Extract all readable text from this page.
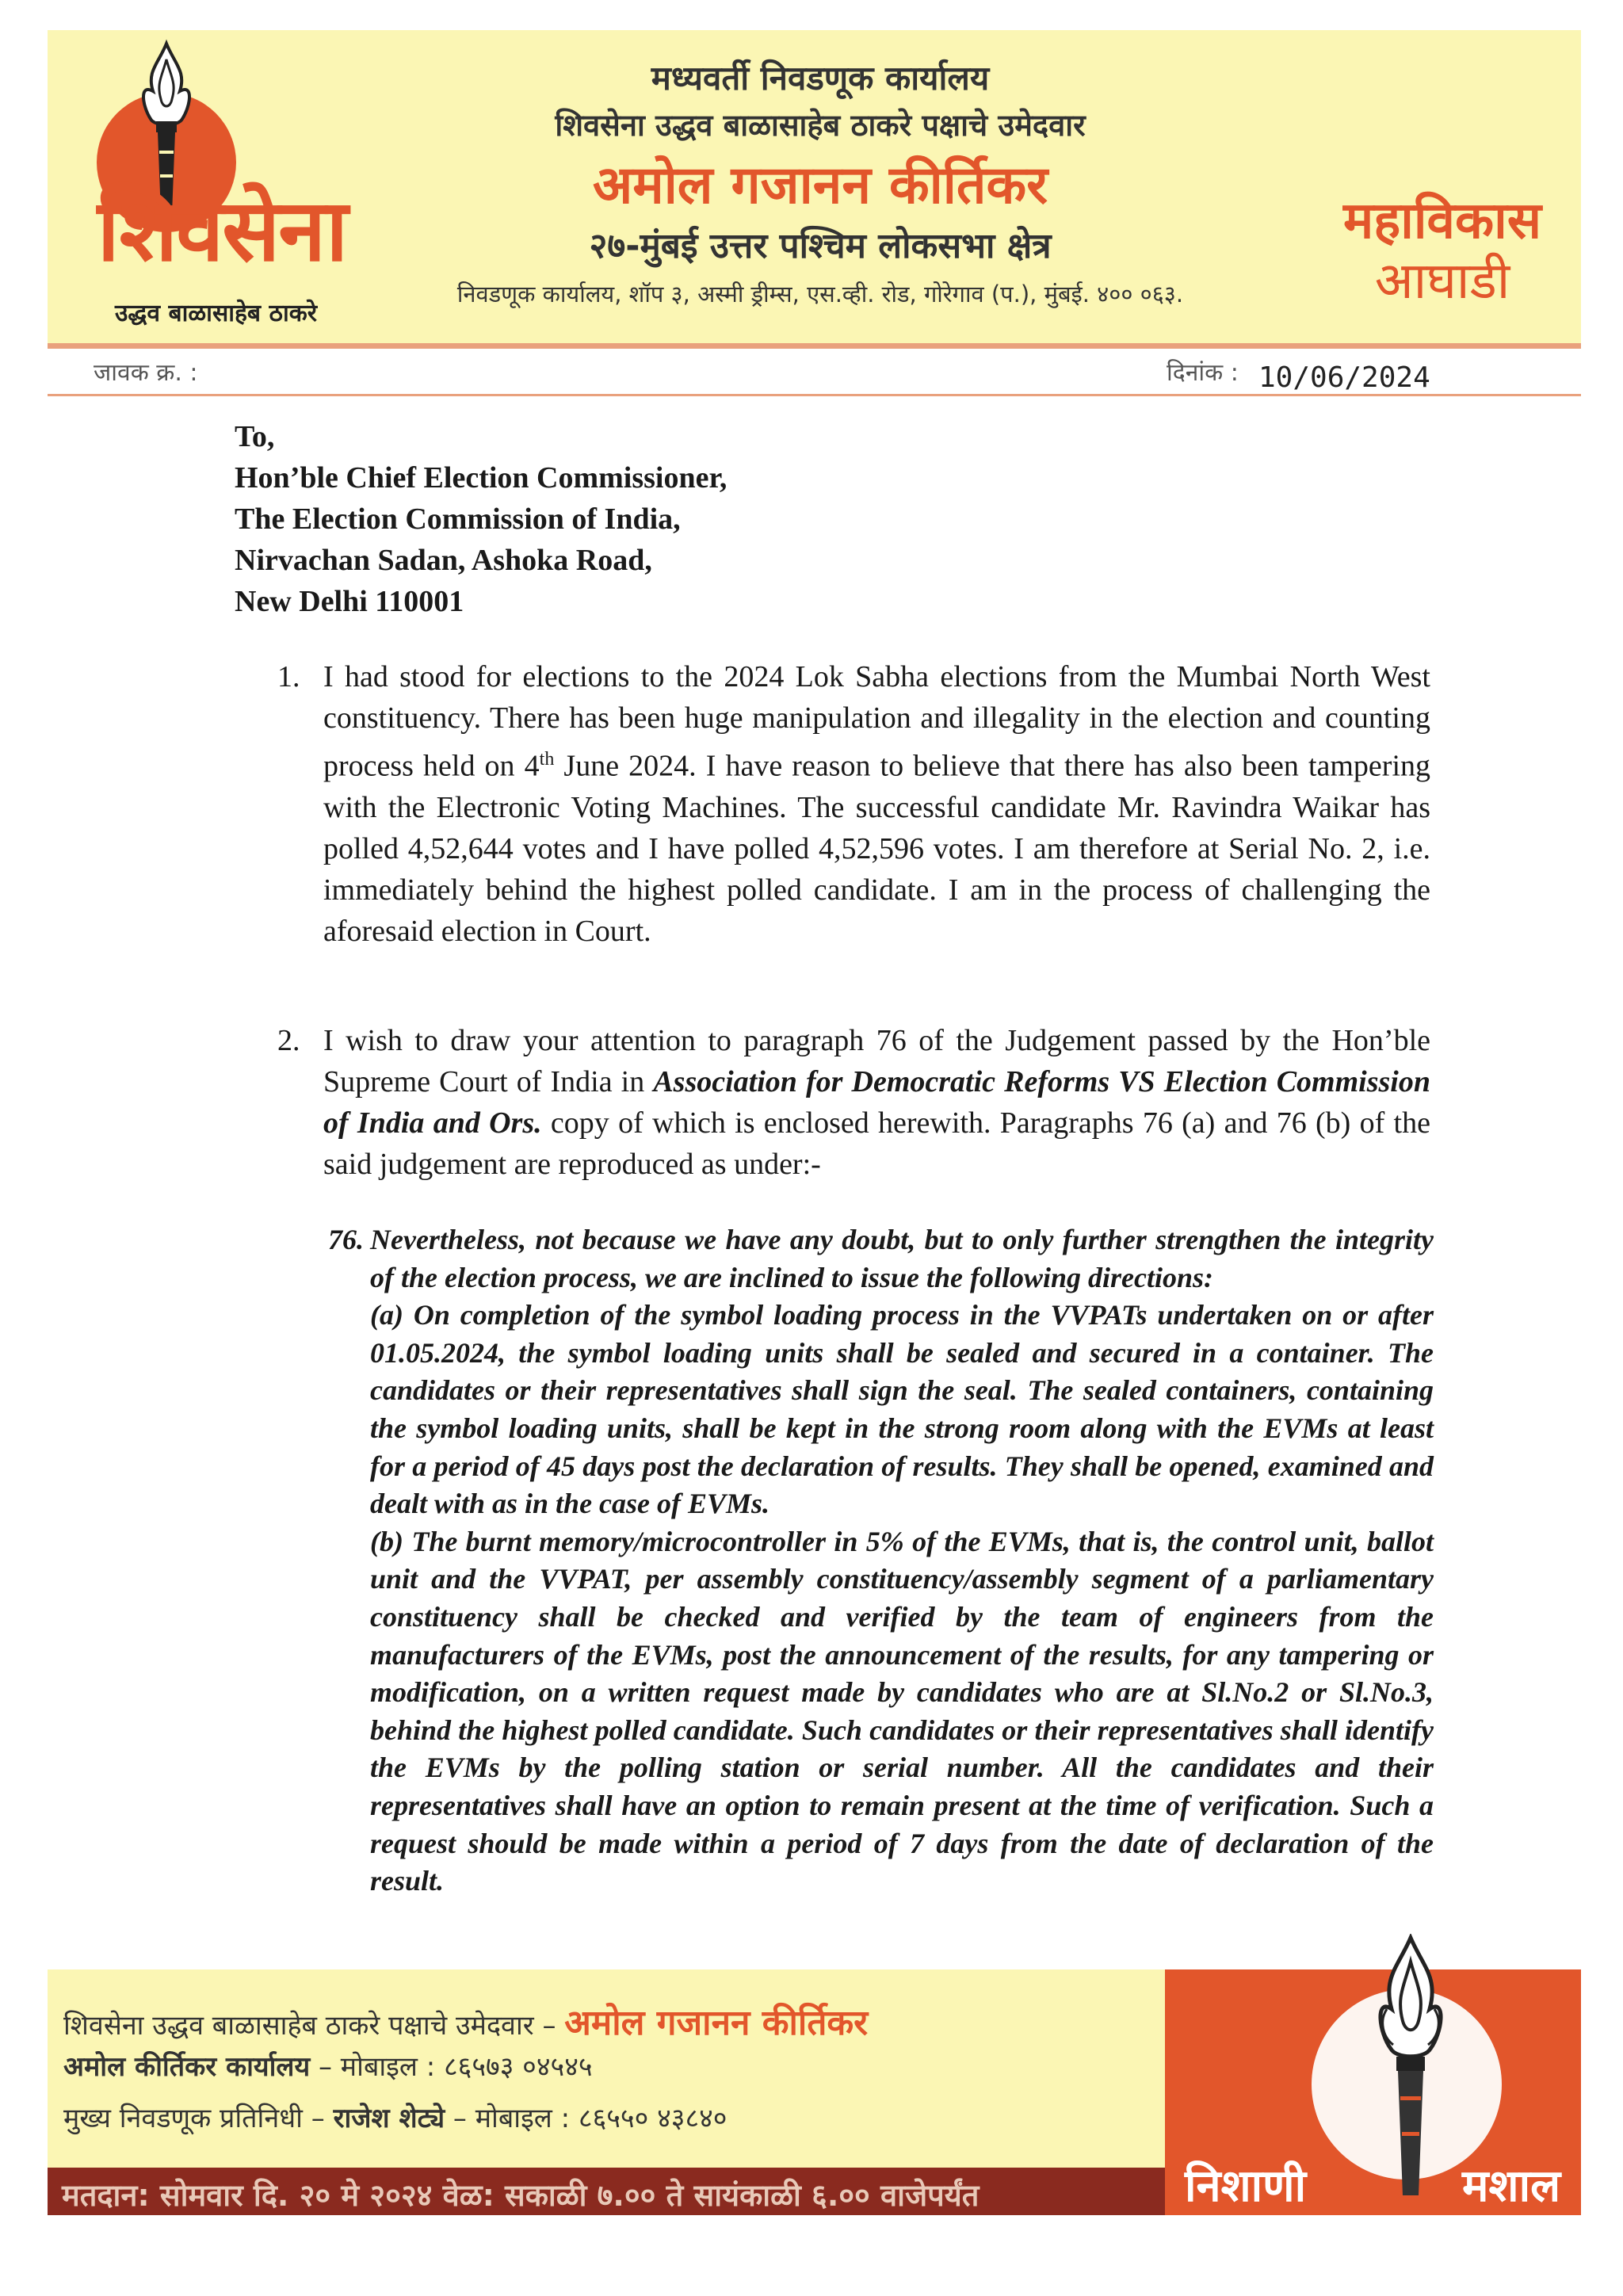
शिवसेना
उद्धव बाळासाहेब ठाकरे
मध्यवर्ती निवडणूक कार्यालय
शिवसेना उद्धव बाळासाहेब ठाकरे पक्षाचे उमेदवार
अमोल गजानन कीर्तिकर
२७-मुंबई उत्तर पश्चिम लोकसभा क्षेत्र
निवडणूक कार्यालय, शॉप ३, अस्मी ड्रीम्स, एस.व्ही. रोड, गोरेगाव (प.), मुंबई. ४०० ०६३.
महाविकास
आघाडी
जावक क्र. :	दिनांक : 10/06/2024
To,
Hon’ble Chief Election Commissioner,
The Election Commission of India,
Nirvachan Sadan, Ashoka Road,
New Delhi 110001
1. I had stood for elections to the 2024 Lok Sabha elections from the Mumbai North West constituency. There has been huge manipulation and illegality in the election and counting process held on 4th June 2024. I have reason to believe that there has also been tampering with the Electronic Voting Machines. The successful candidate Mr. Ravindra Waikar has polled 4,52,644 votes and I have polled 4,52,596 votes. I am therefore at Serial No. 2, i.e. immediately behind the highest polled candidate. I am in the process of challenging the aforesaid election in Court.
2. I wish to draw your attention to paragraph 76 of the Judgement passed by the Hon’ble Supreme Court of India in Association for Democratic Reforms VS Election Commission of India and Ors. copy of which is enclosed herewith. Paragraphs 76 (a) and 76 (b) of the said judgement are reproduced as under:-
76. Nevertheless, not because we have any doubt, but to only further strengthen the integrity of the election process, we are inclined to issue the following directions:
(a) On completion of the symbol loading process in the VVPATs undertaken on or after 01.05.2024, the symbol loading units shall be sealed and secured in a container. The candidates or their representatives shall sign the seal. The sealed containers, containing the symbol loading units, shall be kept in the strong room along with the EVMs at least for a period of 45 days post the declaration of results. They shall be opened, examined and dealt with as in the case of EVMs.
(b) The burnt memory/microcontroller in 5% of the EVMs, that is, the control unit, ballot unit and the VVPAT, per assembly constituency/assembly segment of a parliamentary constituency shall be checked and verified by the team of engineers from the manufacturers of the EVMs, post the announcement of the results, for any tampering or modification, on a written request made by candidates who are at Sl.No.2 or Sl.No.3, behind the highest polled candidate. Such candidates or their representatives shall identify the EVMs by the polling station or serial number. All the candidates and their representatives shall have an option to remain present at the time of verification. Such a request should be made within a period of 7 days from the date of declaration of the result.
शिवसेना उद्धव बाळासाहेब ठाकरे पक्षाचे उमेदवार – अमोल गजानन कीर्तिकर
अमोल कीर्तिकर कार्यालय – मोबाइल : ८६५७३ ०४५४५
मुख्य निवडणूक प्रतिनिधी – राजेश शेट्ये – मोबाइल : ८६५५० ४३८४०
मतदान: सोमवार दि. २० मे २०२४ वेळ: सकाळी ७.०० ते सायंकाळी ६.०० वाजेपर्यंत	निशाणी	मशाल
